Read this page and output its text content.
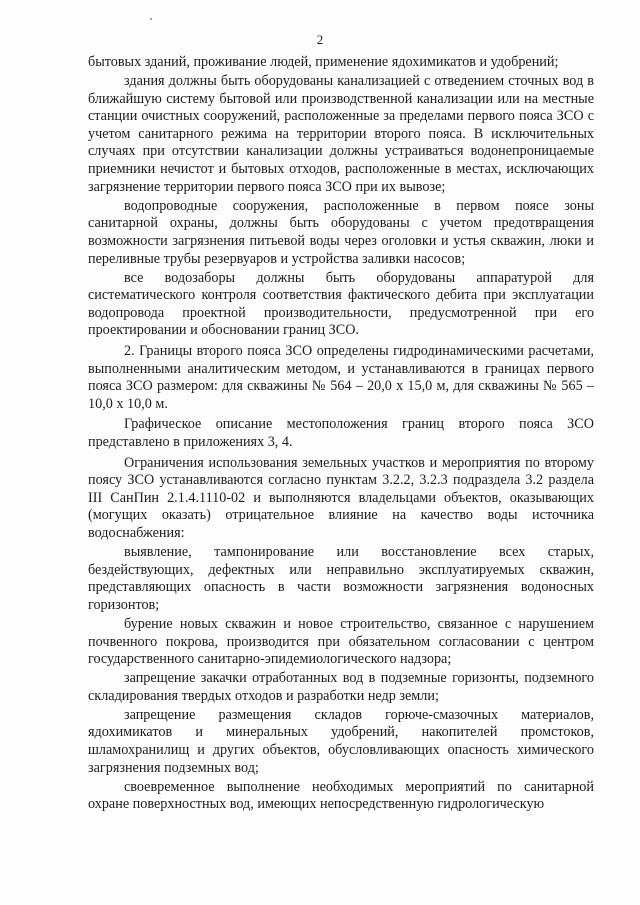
2

бытовых зданий, проживание людей, применение ядохимикатов и удобрений;

здания должны быть оборудованы канализацией с отведением сточных вод в ближайшую систему бытовой или производственной канализации или на местные станции очистных сооружений, расположенные за пределами первого пояса ЗСО с учетом санитарного режима на территории второго пояса. В исключительных случаях при отсутствии канализации должны устраиваться водонепроницаемые приемники нечистот и бытовых отходов, расположенные в местах, исключающих загрязнение территории первого пояса ЗСО при их вывозе;

водопроводные сооружения, расположенные в первом поясе зоны санитарной охраны, должны быть оборудованы с учетом предотвращения возможности загрязнения питьевой воды через оголовки и устья скважин, люки и переливные трубы резервуаров и устройства заливки насосов;

все водозаборы должны быть оборудованы аппаратурой для систематического контроля соответствия фактического дебита при эксплуатации водопровода проектной производительности, предусмотренной при его проектировании и обосновании границ ЗСО.

2. Границы второго пояса ЗСО определены гидродинамическими расчетами, выполненными аналитическим методом, и устанавливаются в границах первого пояса ЗСО размером: для скважины № 564 – 20,0 х 15,0 м, для скважины № 565 – 10,0 х 10,0 м.

Графическое описание местоположения границ второго пояса ЗСО представлено в приложениях 3, 4.

Ограничения использования земельных участков и мероприятия по второму поясу ЗСО устанавливаются согласно пунктам 3.2.2, 3.2.3 подраздела 3.2 раздела III СанПин 2.1.4.1110-02 и выполняются владельцами объектов, оказывающих (могущих оказать) отрицательное влияние на качество воды источника водоснабжения:

выявление, тампонирование или восстановление всех старых, бездействующих, дефектных или неправильно эксплуатируемых скважин, представляющих опасность в части возможности загрязнения водоносных горизонтов;

бурение новых скважин и новое строительство, связанное с нарушением почвенного покрова, производится при обязательном согласовании с центром государственного санитарно-эпидемиологического надзора;

запрещение закачки отработанных вод в подземные горизонты, подземного складирования твердых отходов и разработки недр земли;

запрещение размещения складов горюче-смазочных материалов, ядохимикатов и минеральных удобрений, накопителей промстоков, шламохранилищ и других объектов, обусловливающих опасность химического загрязнения подземных вод;

своевременное выполнение необходимых мероприятий по санитарной охране поверхностных вод, имеющих непосредственную гидрологическую
